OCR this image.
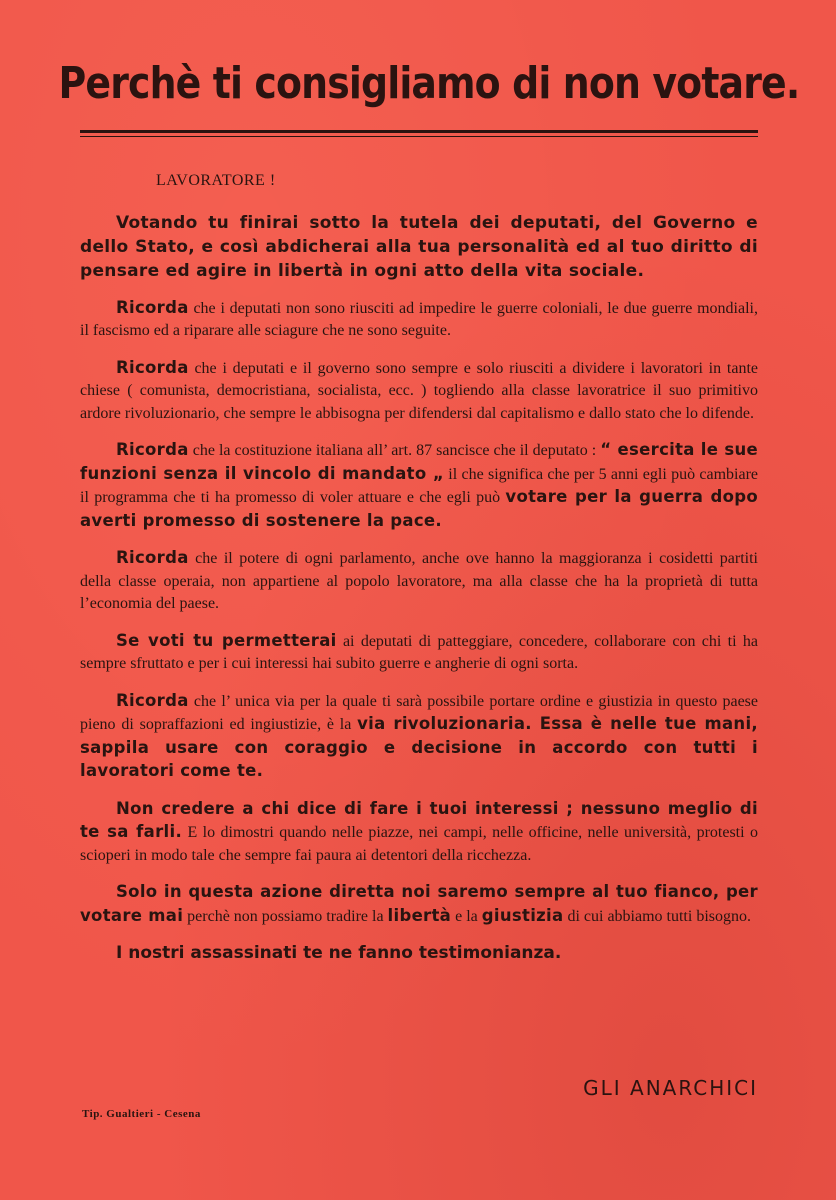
Perchè ti consigliamo di non votare.
LAVORATORE !
Votando tu finirai sotto la tutela dei deputati, del Governo e dello Stato, e così abdicherai alla tua personalità ed al tuo diritto di pensare ed agire in libertà in ogni atto della vita sociale.
Ricorda che i deputati non sono riusciti ad impedire le guerre coloniali, le due guerre mondiali, il fascismo ed a riparare alle sciagure che ne sono seguite.
Ricorda che i deputati e il governo sono sempre e solo riusciti a dividere i lavoratori in tante chiese ( comunista, democristiana, socialista, ecc. ) togliendo alla classe lavoratrice il suo primitivo ardore rivoluzionario, che sempre le abbisogna per difendersi dal capitalismo e dallo stato che lo difende.
Ricorda che la costituzione italiana all’ art. 87 sancisce che il deputato : “ esercita le sue funzioni senza il vincolo di mandato „ il che significa che per 5 anni egli può cambiare il programma che ti ha promesso di voler attuare e che egli può votare per la guerra dopo averti promesso di sostenere la pace.
Ricorda che il potere di ogni parlamento, anche ove hanno la maggioranza i cosidetti partiti della classe operaia, non appartiene al popolo lavoratore, ma alla classe che ha la proprietà di tutta l’economia del paese.
Se voti tu permetterai ai deputati di patteggiare, concedere, collaborare con chi ti ha sempre sfruttato e per i cui interessi hai subito guerre e angherie di ogni sorta.
Ricorda che l’ unica via per la quale ti sarà possibile portare ordine e giustizia in questo paese pieno di sopraffazioni ed ingiustizie, è la via rivoluzionaria. Essa è nelle tue mani, sappila usare con coraggio e decisione in accordo con tutti i lavoratori come te.
Non credere a chi dice di fare i tuoi interessi ; nessuno meglio di te sa farli. E lo dimostri quando nelle piazze, nei campi, nelle officine, nelle università, protesti o scioperi in modo tale che sempre fai paura ai detentori della ricchezza.
Solo in questa azione diretta noi saremo sempre al tuo fianco, per votare mai perchè non possiamo tradire la libertà e la giustizia di cui abbiamo tutti bisogno.
I nostri assassinati te ne fanno testimonianza.
GLI ANARCHICI
Tip. Gualtieri - Cesena
